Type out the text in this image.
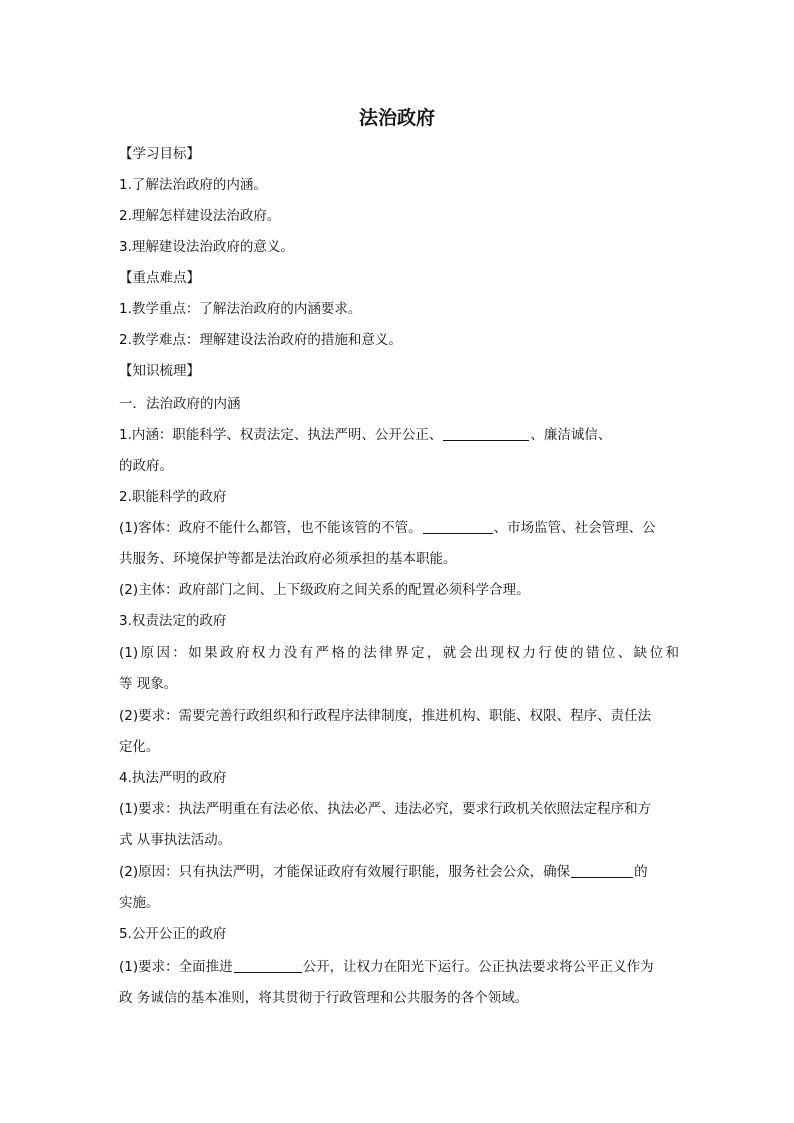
法治政府
【学习目标】
1.了解法治政府的内涵。
2.理解怎样建设法治政府。
3.理解建设法治政府的意义。
【重点难点】
1.教学重点：了解法治政府的内涵要求。
2.教学难点：理解建设法治政府的措施和意义。
【知识梳理】
一．法治政府的内涵
1.内涵：职能科学、权责法定、执法严明、公开公正、	、廉洁诚信、
的政府。
2.职能科学的政府
(1)客体：政府不能什么都管，也不能该管的不管。	、市场监管、社会管理、公
共服务、环境保护等都是法治政府必须承担的基本职能。
(2)主体：政府部门之间、上下级政府之间关系的配置必须科学合理。
3.权责法定的政府
(1)原因：如果政府权力没有严格的法律界定，就会出现权力行使的错位、缺位和
等 现象。
(2)要求：需要完善行政组织和行政程序法律制度，推进机构、职能、权限、程序、责任法
定化。
4.执法严明的政府
(1)要求：执法严明重在有法必依、执法必严、违法必究，要求行政机关依照法定程序和方
式 从事执法活动。
(2)原因：只有执法严明，才能保证政府有效履行职能，服务社会公众，确保	的
实施。
5.公开公正的政府
(1)要求：全面推进	公开，让权力在阳光下运行。公正执法要求将公平正义作为
政 务诚信的基本准则，将其贯彻于行政管理和公共服务的各个领域。
